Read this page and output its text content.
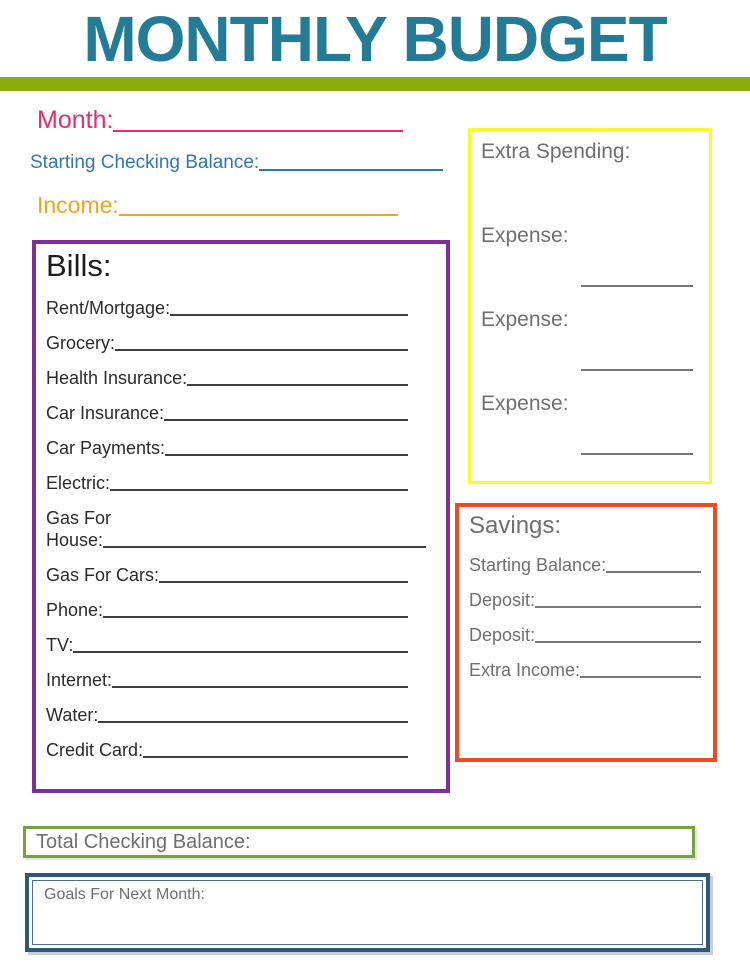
MONTHLY BUDGET
Month:
Starting Checking Balance:
Income:
Bills:
Rent/Mortgage:
Grocery:
Health Insurance:
Car Insurance:
Car Payments:
Electric:
Gas For
House:
Gas For Cars:
Phone:
TV:
Internet:
Water:
Credit Card:
Extra Spending:
Expense:
Expense:
Expense:
Savings:
Starting Balance:
Deposit:
Deposit:
Extra Income:
Total Checking Balance:
Goals For Next Month:
